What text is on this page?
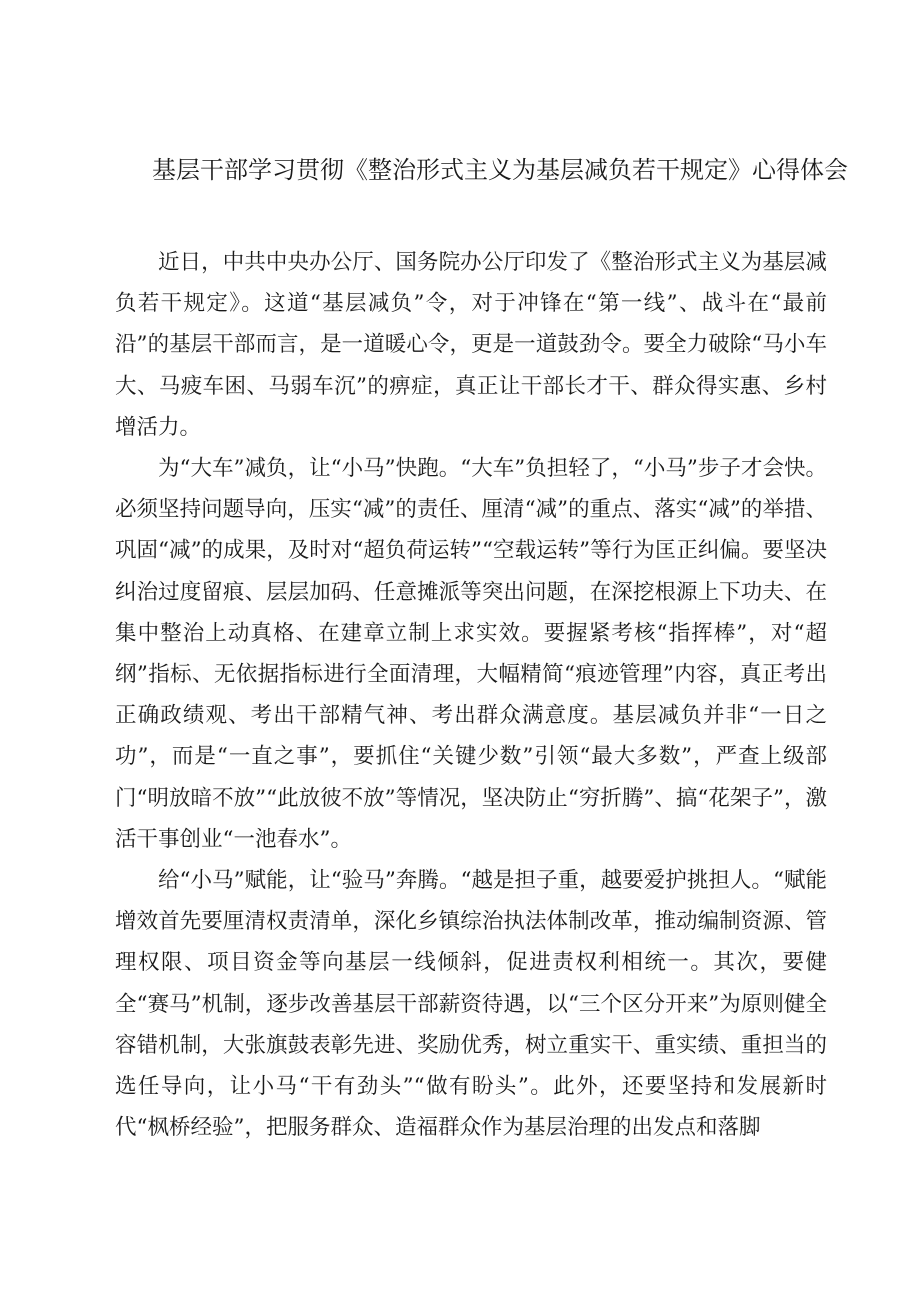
基层干部学习贯彻《整治形式主义为基层减负若干规定》心得体会

近日，中共中央办公厅、国务院办公厅印发了《整治形式主义为基层减负若干规定》。这道“基层减负”令，对于冲锋在“第一线”、战斗在“最前沿”的基层干部而言，是一道暖心令，更是一道鼓劲令。要全力破除“马小车大、马疲车困、马弱车沉”的痹症，真正让干部长才干、群众得实惠、乡村增活力。

为“大车”减负，让“小马”快跑。“大车”负担轻了，“小马”步子才会快。必须坚持问题导向，压实“减”的责任、厘清“减”的重点、落实“减”的举措、巩固“减”的成果，及时对“超负荷运转”“空载运转”等行为匡正纠偏。要坚决纠治过度留痕、层层加码、任意摊派等突出问题，在深挖根源上下功夫、在集中整治上动真格、在建章立制上求实效。要握紧考核“指挥棒”，对“超纲”指标、无依据指标进行全面清理，大幅精简“痕迹管理”内容，真正考出正确政绩观、考出干部精气神、考出群众满意度。基层减负并非“一日之功”，而是“一直之事”，要抓住“关键少数”引领“最大多数”，严查上级部门“明放暗不放”“此放彼不放”等情况，坚决防止“穷折腾”、搞“花架子”，激活干事创业“一池春水”。

给“小马”赋能，让“验马”奔腾。“越是担子重，越要爱护挑担人。“赋能增效首先要厘清权责清单，深化乡镇综治执法体制改革，推动编制资源、管理权限、项目资金等向基层一线倾斜，促进责权利相统一。其次，要健全“赛马”机制，逐步改善基层干部薪资待遇，以“三个区分开来”为原则健全容错机制，大张旗鼓表彰先进、奖励优秀，树立重实干、重实绩、重担当的选任导向，让小马“干有劲头”“做有盼头”。此外，还要坚持和发展新时代“枫桥经验”，把服务群众、造福群众作为基层治理的出发点和落脚
